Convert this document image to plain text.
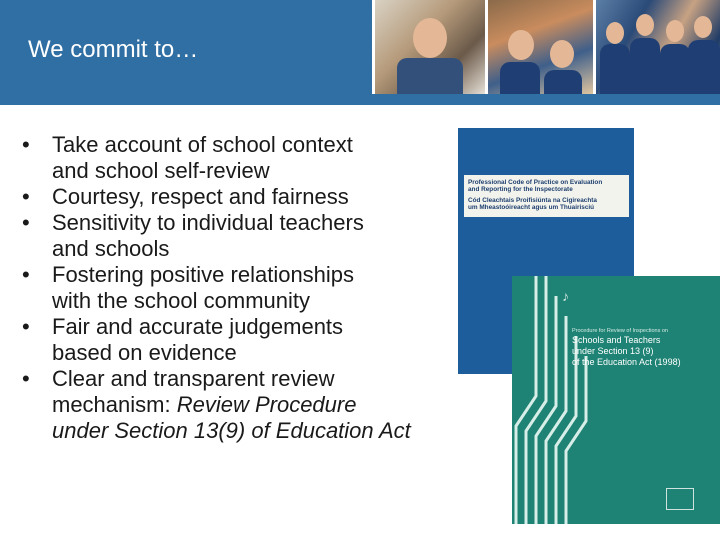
We commit to…
• Take account of school context
and school self-review
• Courtesy, respect and fairness
• Sensitivity to individual teachers
and schools
• Fostering positive relationships
with the school community
• Fair and accurate judgements
based on evidence
• Clear and transparent review
mechanism: Review Procedure
under Section 13(9) of Education Act
Professional Code of Practice on Evaluation
and Reporting for the Inspectorate
Cód Cleachtais Proifisiúnta na Cigireachta
um Mheastoóireacht agus um Thuairisciú
♪
Procedure for Review of Inspections on
Schools and Teachers
under Section 13 (9)
of the Education Act (1998)
